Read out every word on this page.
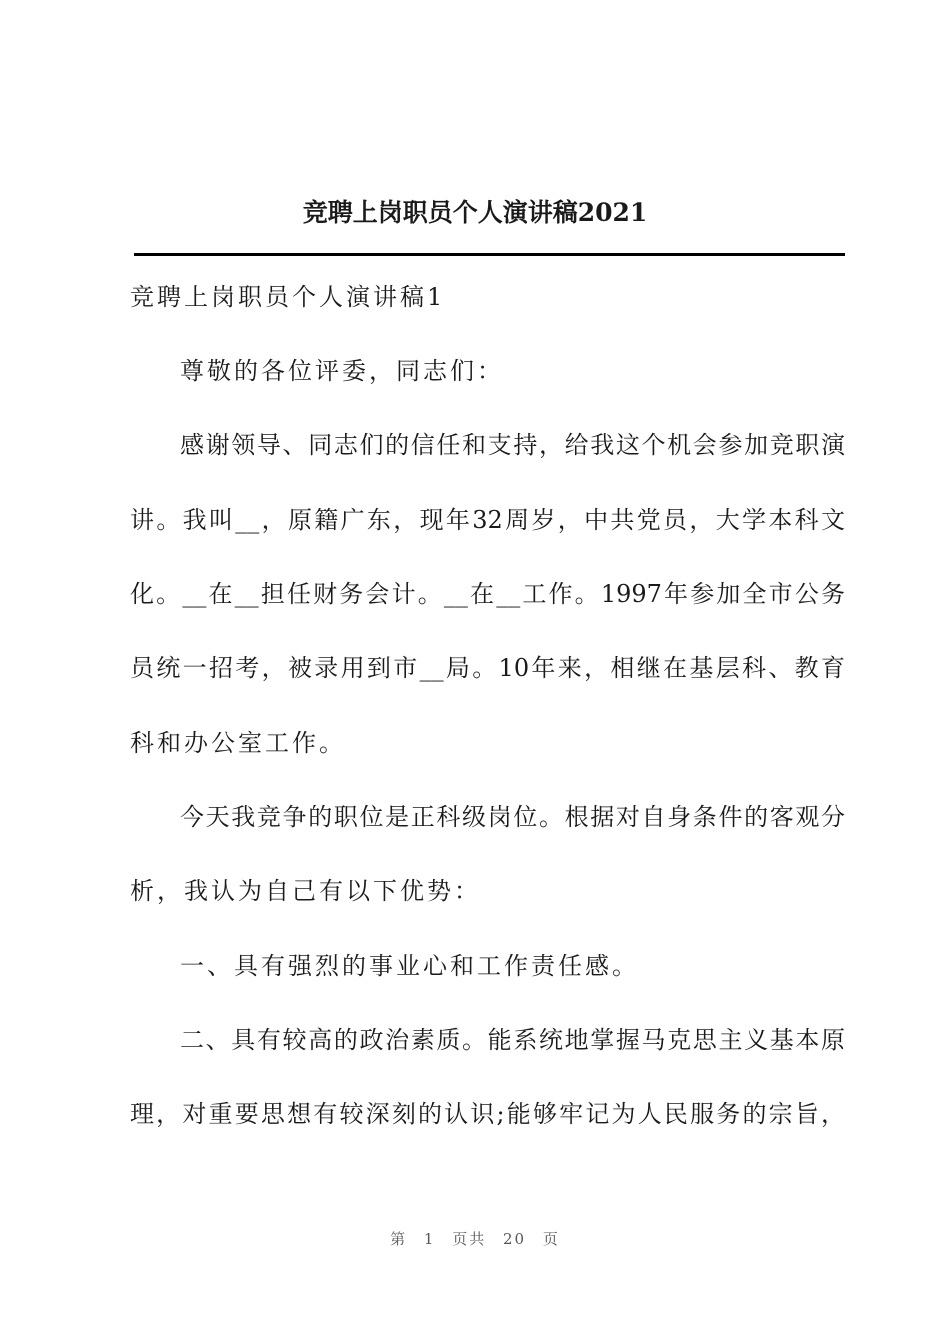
竞聘上岗职员个人演讲稿2021
竞聘上岗职员个人演讲稿1
尊敬的各位评委，同志们：
感谢领导、同志们的信任和支持，给我这个机会参加竞职演
讲。我叫__，原籍广东，现年32周岁，中共党员，大学本科文
化。__在__担任财务会计。__在__工作。1997年参加全市公务
员统一招考，被录用到市__局。10年来，相继在基层科、教育
科和办公室工作。
今天我竞争的职位是正科级岗位。根据对自身条件的客观分
析，我认为自己有以下优势：
一、具有强烈的事业心和工作责任感。
二、具有较高的政治素质。能系统地掌握马克思主义基本原
理，对重要思想有较深刻的认识;能够牢记为人民服务的宗旨，
第 1 页共 20 页
